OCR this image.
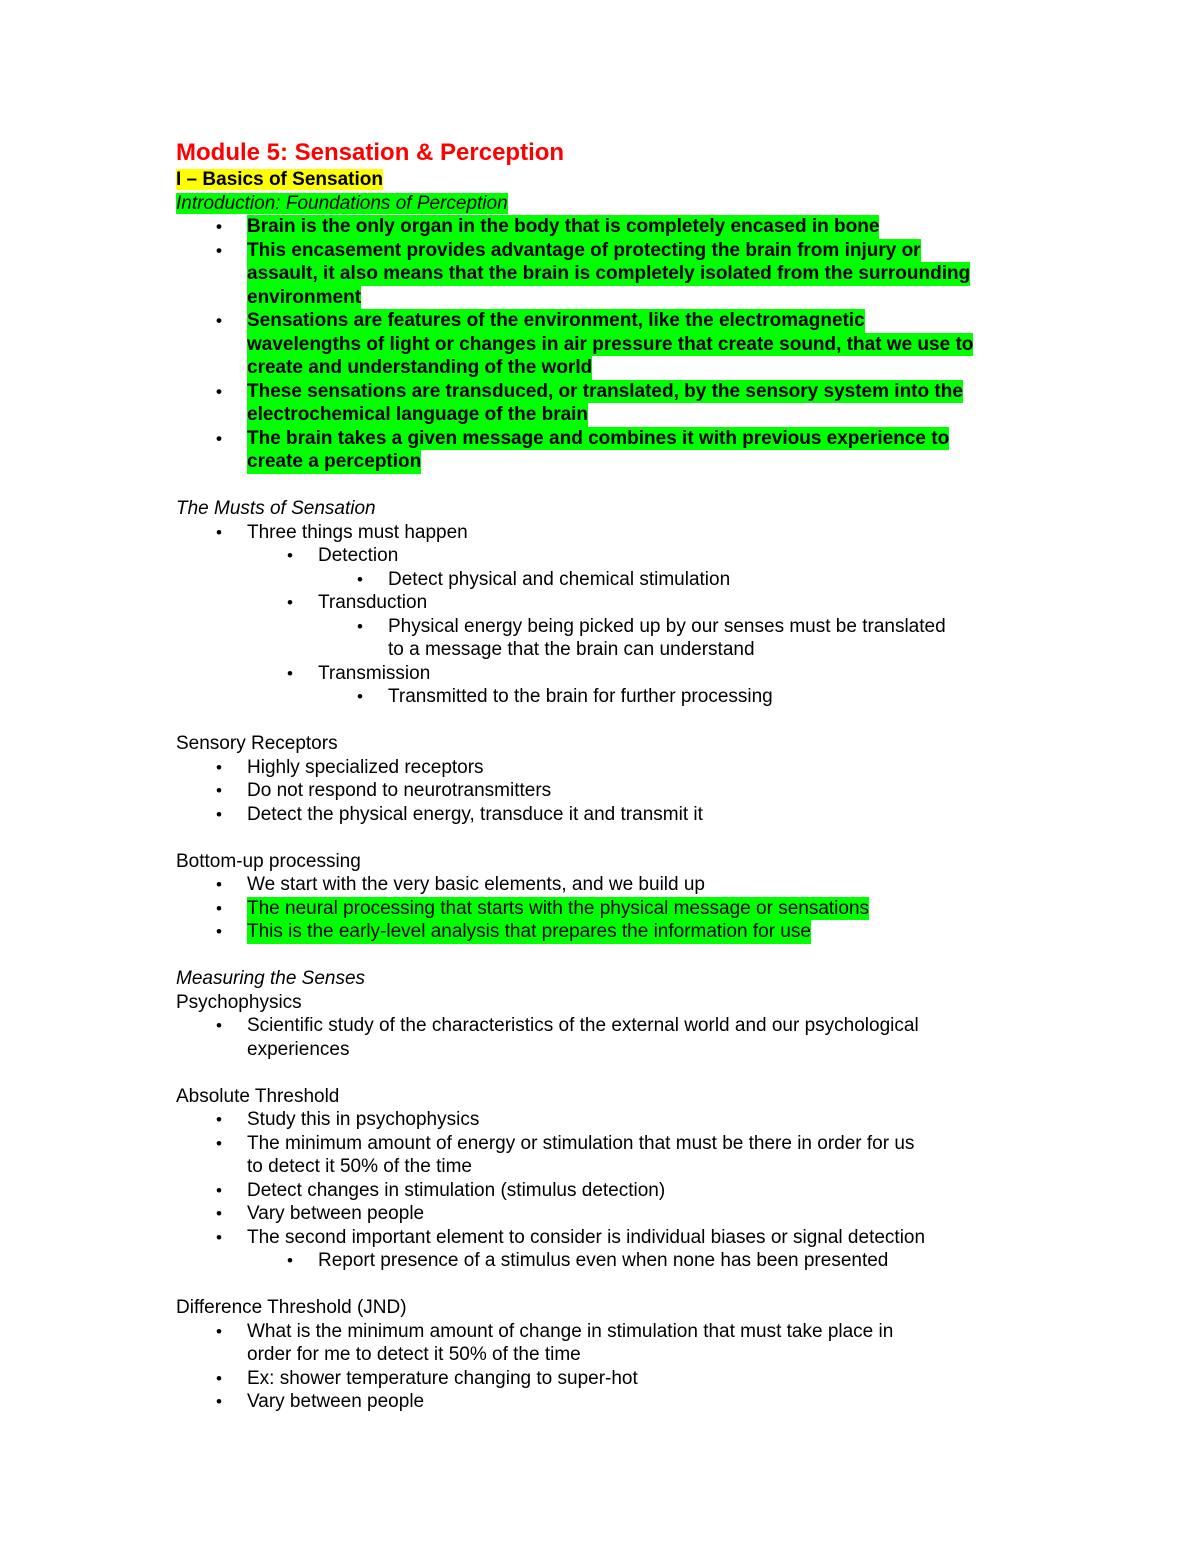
Module 5: Sensation & Perception
I – Basics of Sensation
Introduction: Foundations of Perception
• Brain is the only organ in the body that is completely encased in bone
• This encasement provides advantage of protecting the brain from injury or
assault, it also means that the brain is completely isolated from the surrounding
environment
• Sensations are features of the environment, like the electromagnetic
wavelengths of light or changes in air pressure that create sound, that we use to
create and understanding of the world
• These sensations are transduced, or translated, by the sensory system into the
electrochemical language of the brain
• The brain takes a given message and combines it with previous experience to
create a perception
The Musts of Sensation
• Three things must happen
• Detection
• Detect physical and chemical stimulation
• Transduction
• Physical energy being picked up by our senses must be translated
to a message that the brain can understand
• Transmission
• Transmitted to the brain for further processing
Sensory Receptors
• Highly specialized receptors
• Do not respond to neurotransmitters
• Detect the physical energy, transduce it and transmit it
Bottom-up processing
• We start with the very basic elements, and we build up
• The neural processing that starts with the physical message or sensations
• This is the early-level analysis that prepares the information for use
Measuring the Senses
Psychophysics
• Scientific study of the characteristics of the external world and our psychological
experiences
Absolute Threshold
• Study this in psychophysics
• The minimum amount of energy or stimulation that must be there in order for us
to detect it 50% of the time
• Detect changes in stimulation (stimulus detection)
• Vary between people
• The second important element to consider is individual biases or signal detection
• Report presence of a stimulus even when none has been presented
Difference Threshold (JND)
• What is the minimum amount of change in stimulation that must take place in
order for me to detect it 50% of the time
• Ex: shower temperature changing to super-hot
• Vary between people
